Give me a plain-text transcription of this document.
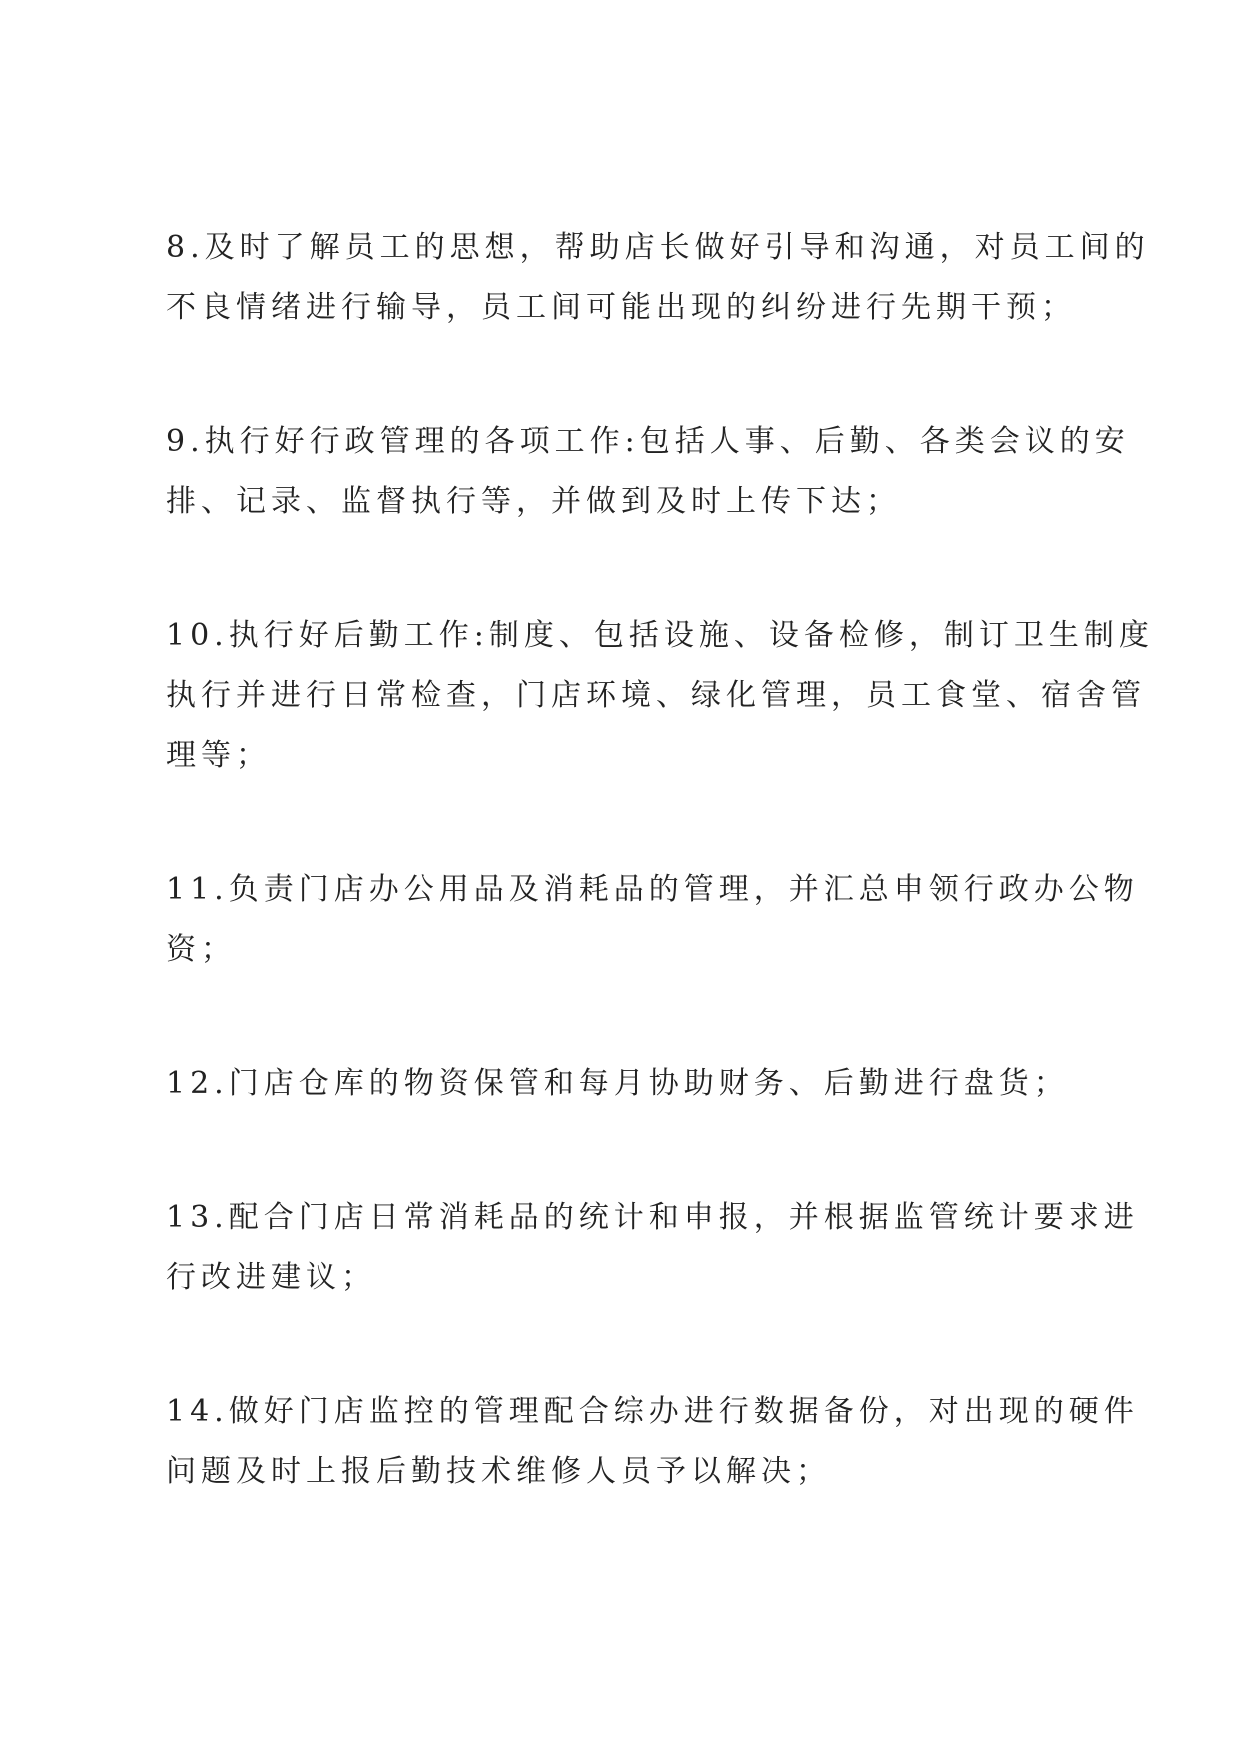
8.及时了解员工的思想，帮助店长做好引导和沟通，对员工间的
不良情绪进行输导，员工间可能出现的纠纷进行先期干预；
9.执行好行政管理的各项工作:包括人事、后勤、各类会议的安
排、记录、监督执行等，并做到及时上传下达；
10.执行好后勤工作:制度、包括设施、设备检修，制订卫生制度
执行并进行日常检查，门店环境、绿化管理，员工食堂、宿舍管
理等；
11.负责门店办公用品及消耗品的管理，并汇总申领行政办公物
资；
12.门店仓库的物资保管和每月协助财务、后勤进行盘货；
13.配合门店日常消耗品的统计和申报，并根据监管统计要求进
行改进建议；
14.做好门店监控的管理配合综办进行数据备份，对出现的硬件
问题及时上报后勤技术维修人员予以解决；
